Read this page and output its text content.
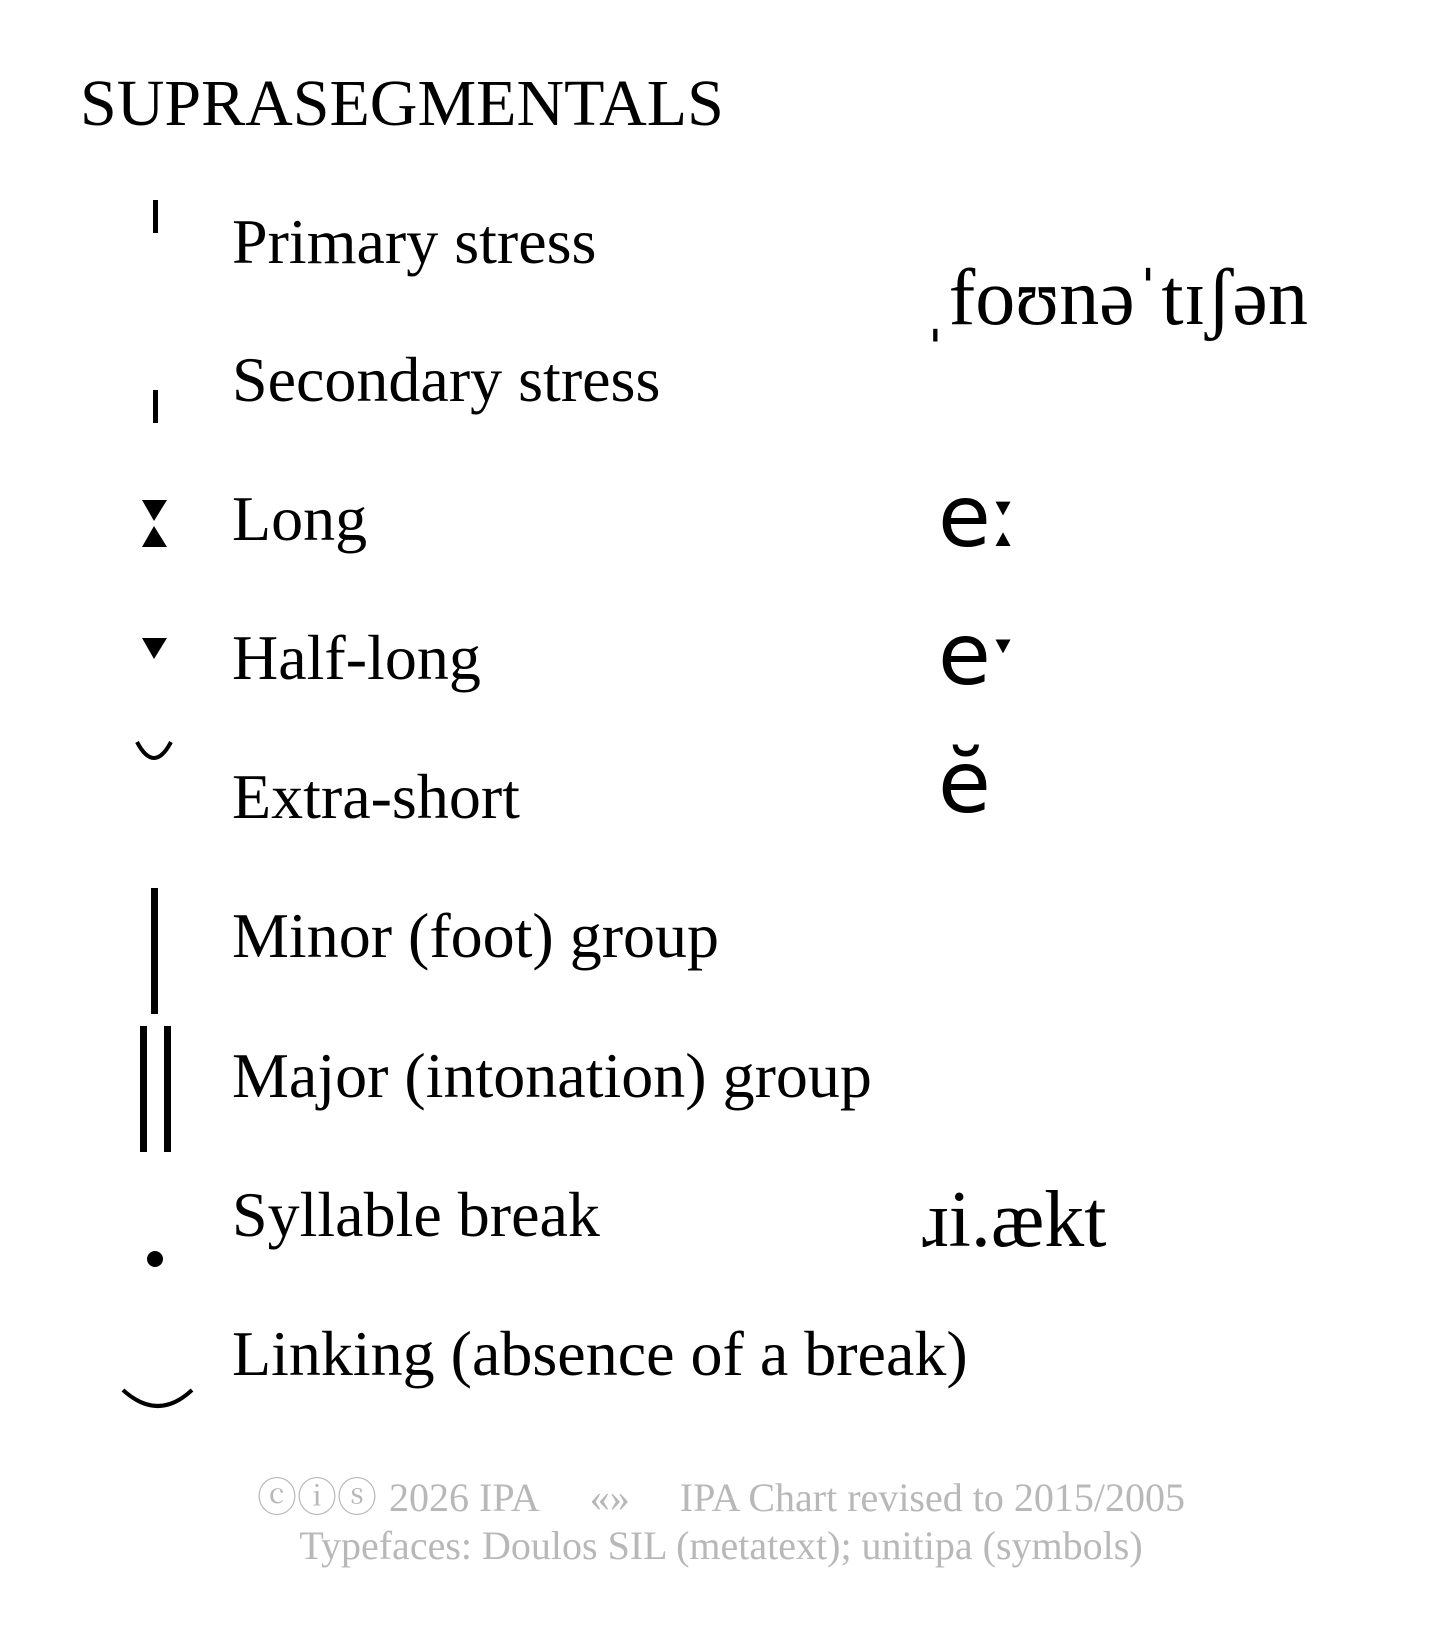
SUPRASEGMENTALS
Primary stress
Secondary stress
Long
Half-long
Extra-short
Minor (foot) group
Major (intonation) group
Syllable break
Linking (absence of a break)
ˌfoʊnəˈtɪʃən
eː
eˑ
ĕ
ɹi.ækt
ⓒⓘⓢ 2026 IPA «» IPA Chart revised to 2015/2005
Typefaces: Doulos SIL (metatext); unitipa (symbols)
